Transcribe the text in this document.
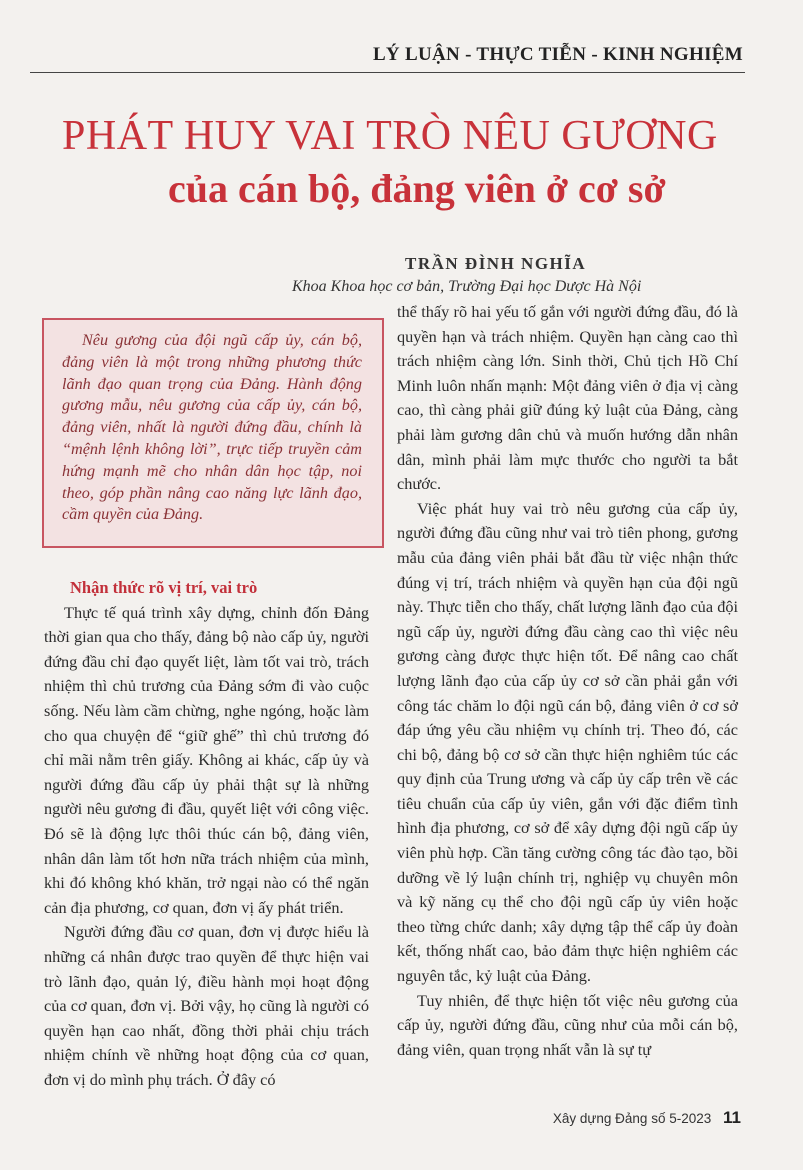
LÝ LUẬN - THỰC TIỄN - KINH NGHIỆM
PHÁT HUY VAI TRÒ NÊU GƯƠNG
của cán bộ, đảng viên ở cơ sở
TRẦN ĐÌNH NGHĨA
Khoa Khoa học cơ bản, Trường Đại học Dược Hà Nội

Nêu gương của đội ngũ cấp ủy, cán bộ, đảng viên là một trong những phương thức lãnh đạo quan trọng của Đảng. Hành động gương mẫu, nêu gương của cấp ủy, cán bộ, đảng viên, nhất là người đứng đầu, chính là “mệnh lệnh không lời”, trực tiếp truyền cảm hứng mạnh mẽ cho nhân dân học tập, noi theo, góp phần nâng cao năng lực lãnh đạo, cầm quyền của Đảng.

Nhận thức rõ vị trí, vai trò

Thực tế quá trình xây dựng, chỉnh đốn Đảng thời gian qua cho thấy, đảng bộ nào cấp ủy, người đứng đầu chỉ đạo quyết liệt, làm tốt vai trò, trách nhiệm thì chủ trương của Đảng sớm đi vào cuộc sống. Nếu làm cầm chừng, nghe ngóng, hoặc làm cho qua chuyện để “giữ ghế” thì chủ trương đó chỉ mãi nằm trên giấy. Không ai khác, cấp ủy và người đứng đầu cấp ủy phải thật sự là những người nêu gương đi đầu, quyết liệt với công việc. Đó sẽ là động lực thôi thúc cán bộ, đảng viên, nhân dân làm tốt hơn nữa trách nhiệm của mình, khi đó không khó khăn, trở ngại nào có thể ngăn cản địa phương, cơ quan, đơn vị ấy phát triển.

Người đứng đầu cơ quan, đơn vị được hiểu là những cá nhân được trao quyền để thực hiện vai trò lãnh đạo, quản lý, điều hành mọi hoạt động của cơ quan, đơn vị. Bởi vậy, họ cũng là người có quyền hạn cao nhất, đồng thời phải chịu trách nhiệm chính về những hoạt động của cơ quan, đơn vị do mình phụ trách. Ở đây có

thể thấy rõ hai yếu tố gắn với người đứng đầu, đó là quyền hạn và trách nhiệm. Quyền hạn càng cao thì trách nhiệm càng lớn. Sinh thời, Chủ tịch Hồ Chí Minh luôn nhấn mạnh: Một đảng viên ở địa vị càng cao, thì càng phải giữ đúng kỷ luật của Đảng, càng phải làm gương dân chủ và muốn hướng dẫn nhân dân, mình phải làm mực thước cho người ta bắt chước.

Việc phát huy vai trò nêu gương của cấp ủy, người đứng đầu cũng như vai trò tiên phong, gương mẫu của đảng viên phải bắt đầu từ việc nhận thức đúng vị trí, trách nhiệm và quyền hạn của đội ngũ này. Thực tiễn cho thấy, chất lượng lãnh đạo của đội ngũ cấp ủy, người đứng đầu càng cao thì việc nêu gương càng được thực hiện tốt. Để nâng cao chất lượng lãnh đạo của cấp ủy cơ sở cần phải gắn với công tác chăm lo đội ngũ cán bộ, đảng viên ở cơ sở đáp ứng yêu cầu nhiệm vụ chính trị. Theo đó, các chi bộ, đảng bộ cơ sở cần thực hiện nghiêm túc các quy định của Trung ương và cấp ủy cấp trên về các tiêu chuẩn của cấp ủy viên, gắn với đặc điểm tình hình địa phương, cơ sở để xây dựng đội ngũ cấp ủy viên phù hợp. Cần tăng cường công tác đào tạo, bồi dưỡng về lý luận chính trị, nghiệp vụ chuyên môn và kỹ năng cụ thể cho đội ngũ cấp ủy viên hoặc theo từng chức danh; xây dựng tập thể cấp ủy đoàn kết, thống nhất cao, bảo đảm thực hiện nghiêm các nguyên tắc, kỷ luật của Đảng.

Tuy nhiên, để thực hiện tốt việc nêu gương của cấp ủy, người đứng đầu, cũng như của mỗi cán bộ, đảng viên, quan trọng nhất vẫn là sự tự

Xây dựng Đảng số 5-2023 11
